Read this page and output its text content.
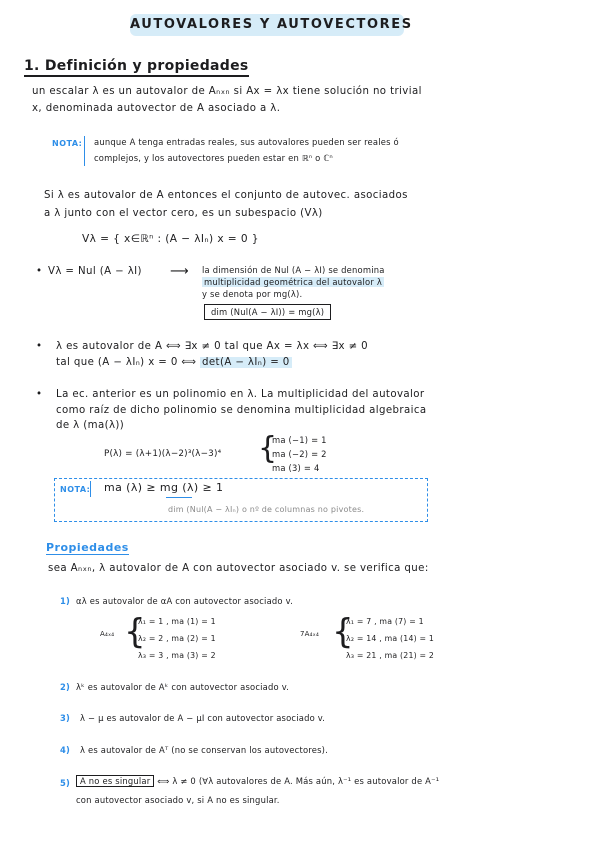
AUTOVALORES Y AUTOVECTORES
1. Definición y propiedades
un escalar λ es un autovalor de Aₙₓₙ si Ax = λx tiene solución no trivial
x, denominada autovector de A asociado a λ.
NOTA: aunque A tenga entradas reales, sus autovalores pueden ser reales ó
complejos, y los autovectores pueden estar en ℝⁿ o ℂⁿ
Si λ es autovalor de A entonces el conjunto de autovec. asociados
a λ junto con el vector cero, es un subespacio (Vλ)
Vλ = { x∈ℝⁿ : (A − λIₙ) x = 0 }
• Vλ = Nul (A − λI) ⟶ la dimensión de Nul (A − λI) se denomina
multiplicidad geométrica del autovalor λ
y se denota por mg(λ).
dim (Nul(A − λI)) = mg(λ)
• λ es autovalor de A ⟺ ∃x ≠ 0 tal que Ax = λx ⟺ ∃x ≠ 0
tal que (A − λIₙ) x = 0 ⟺ det(A − λIₙ) = 0
• La ec. anterior es un polinomio en λ. La multiplicidad del autovalor
como raíz de dicho polinomio se denomina multiplicidad algebraica
de λ (ma(λ))
P(λ) = (λ+1)(λ−2)³(λ−3)⁴ {
ma (−1) = 1
ma (−2) = 2
ma (3) = 4
NOTA: ma (λ) ≥ mg (λ) ≥ 1
dim (Nul(A − λIₙ) o nº de columnas no pivotes.
Propiedades
sea Aₙₓₙ, λ autovalor de A con autovector asociado v. se verifica que:
1) αλ es autovalor de αA con autovector asociado v.
A₄ₓ₄ {
λ₁ = 1 , ma (1) = 1
λ₂ = 2 , ma (2) = 1
λ₃ = 3 , ma (3) = 2
7A₄ₓ₄ {
λ₁ = 7 , ma (7) = 1
λ₂ = 14 , ma (14) = 1
λ₃ = 21 , ma (21) = 2
2) λᵏ es autovalor de Aᵏ con autovector asociado v.
3) λ − μ es autovalor de A − μI con autovector asociado v.
4) λ es autovalor de Aᵀ (no se conservan los autovectores).
5)	A no es singular ⟺ λ ≠ 0 (∀λ autovalores de A. Más aún, λ⁻¹ es autovalor de A⁻¹
con autovector asociado v, si A no es singular.
